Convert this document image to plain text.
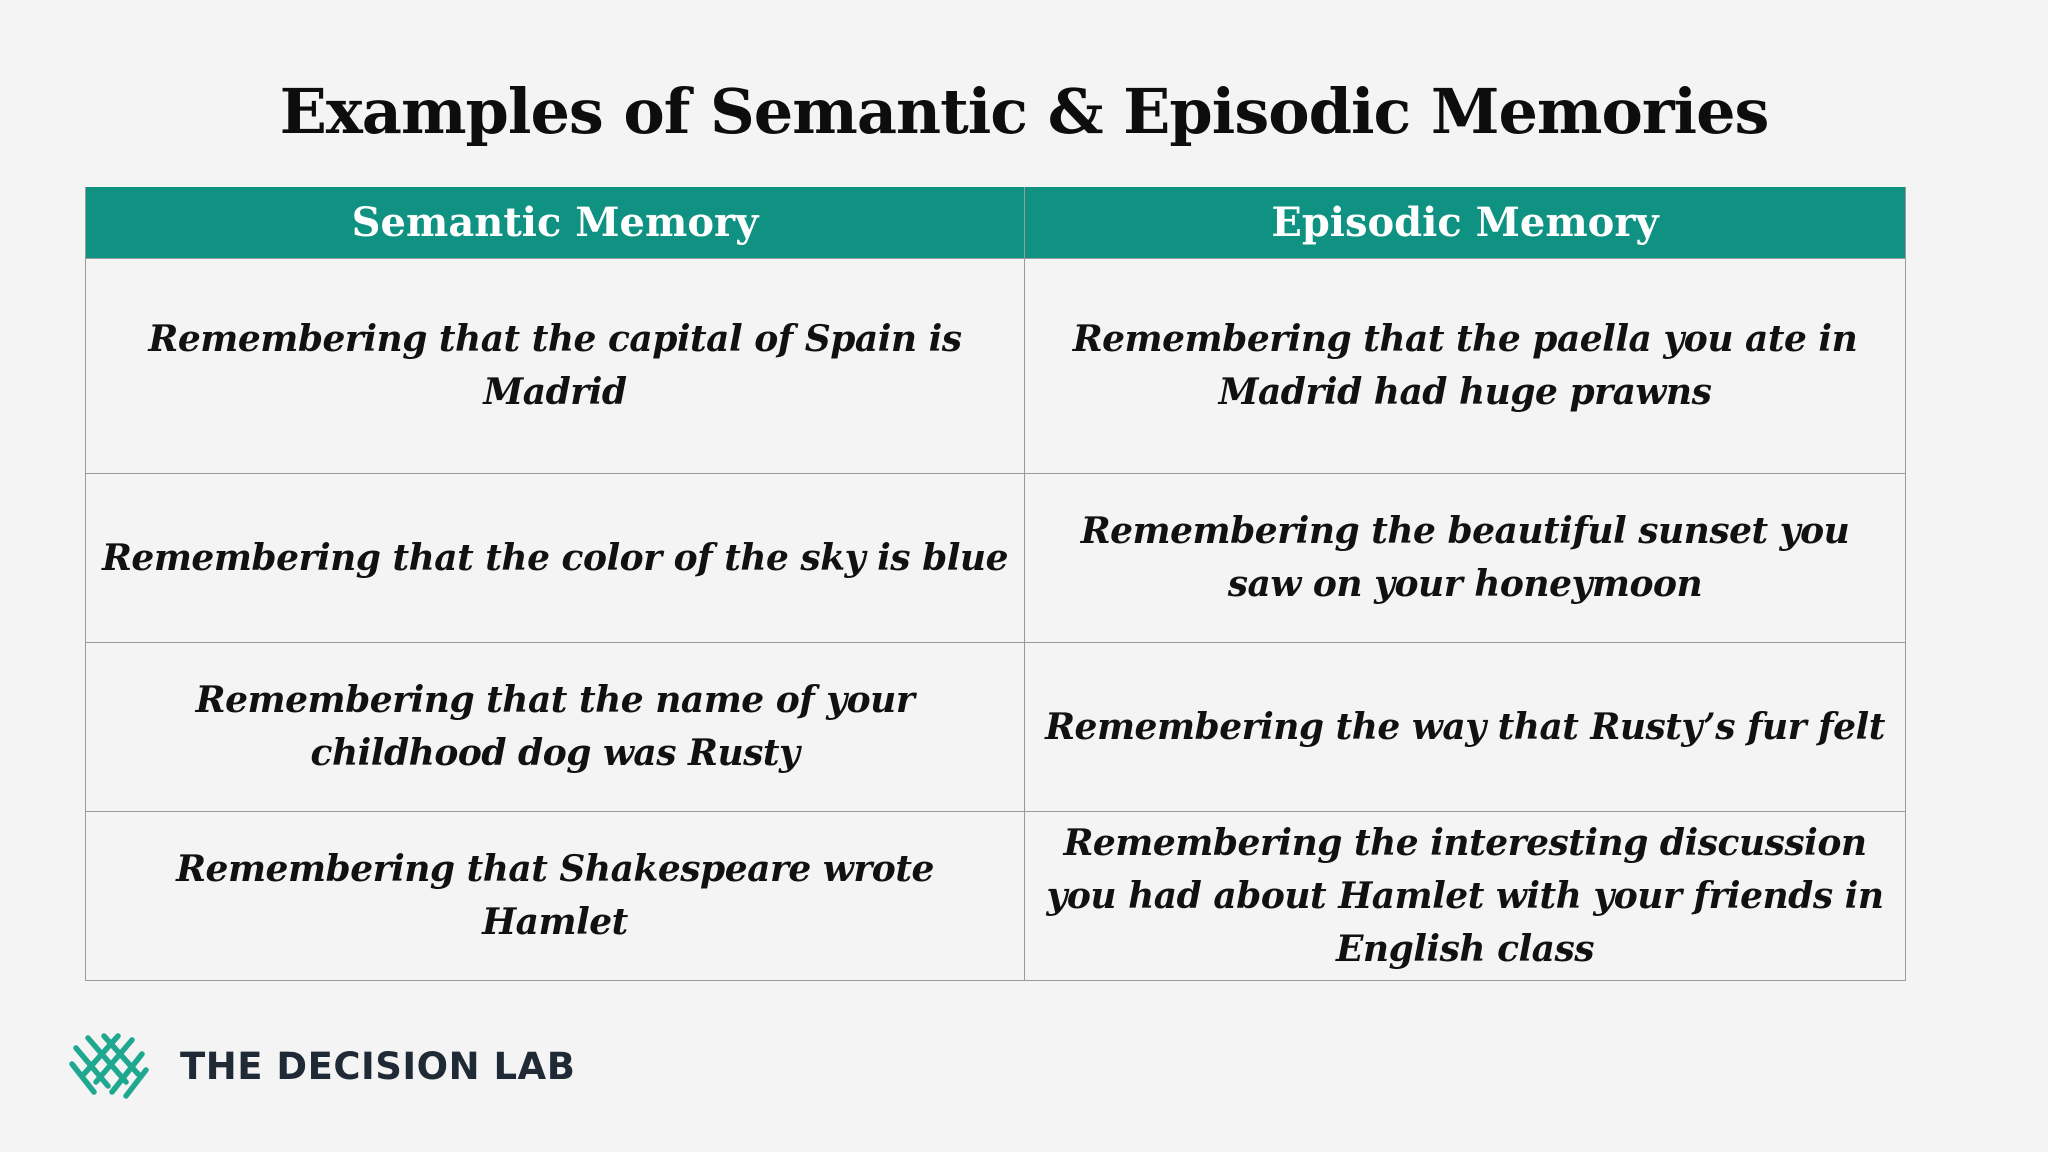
Examples of Semantic & Episodic Memories
Semantic Memory	Episodic Memory
Remembering that the capital of Spain is Madrid	Remembering that the paella you ate in Madrid had huge prawns
Remembering that the color of the sky is blue	Remembering the beautiful sunset you saw on your honeymoon
Remembering that the name of your childhood dog was Rusty	Remembering the way that Rusty’s fur felt
Remembering that Shakespeare wrote Hamlet	Remembering the interesting discussion you had about Hamlet with your friends in English class
THE DECISION LAB
